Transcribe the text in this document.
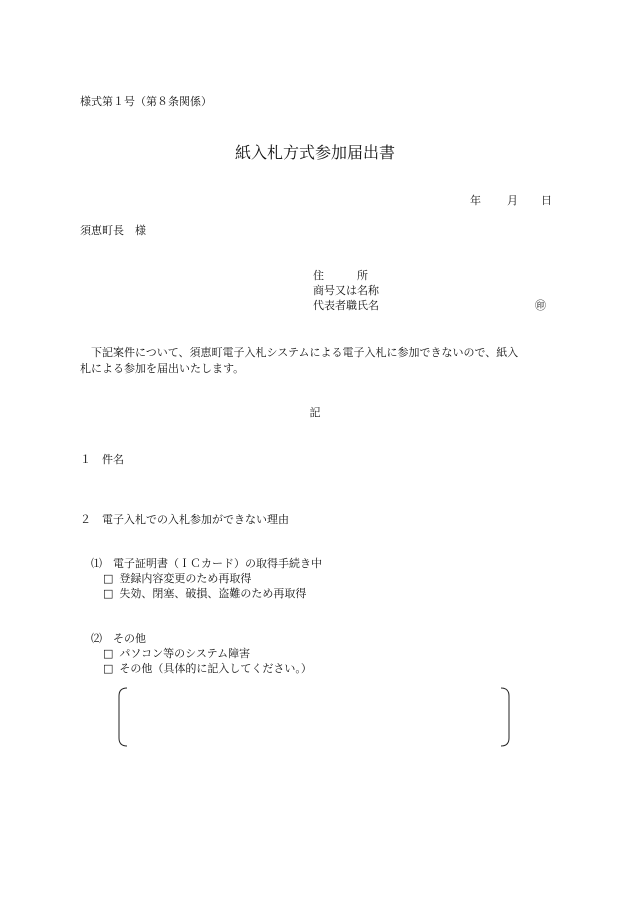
様式第１号（第８条関係）
紙入札方式参加届出書
年 月 日
須恵町長　様
住　　　所
商号又は名称
代表者職氏名	㊞
　下記案件について、須恵町電子入札システムによる電子入札に参加できないので、紙入
札による参加を届出いたします。
記
１　件名
２　電子入札での入札参加ができない理由
⑴　電子証明書（ＩＣカード）の取得手続き中
□ 登録内容変更のため再取得
□ 失効、閉塞、破損、盗難のため再取得
⑵　その他
□ パソコン等のシステム障害
□ その他（具体的に記入してください。）
